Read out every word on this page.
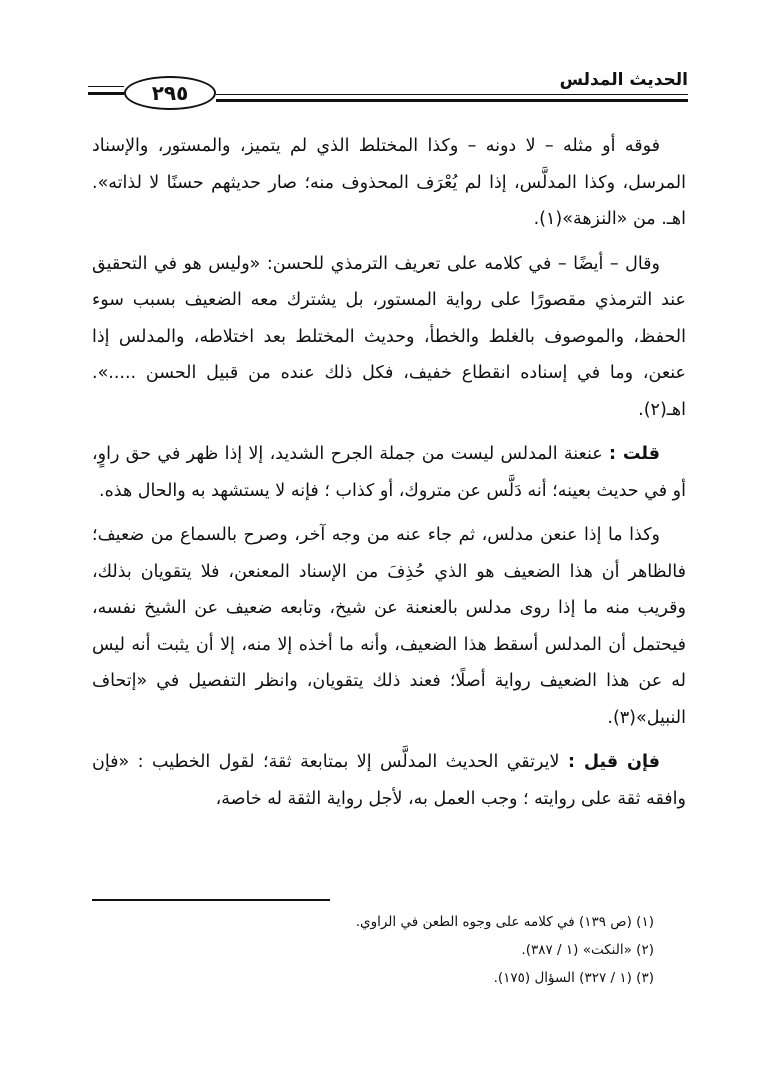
الحديث المدلس
٢٩٥

فوقه أو مثله – لا دونه – وكذا المختلط الذي لم يتميز، والمستور، والإسناد المرسل، وكذا المدلَّس، إذا لم يُعْرَف المحذوف منه؛ صار حديثهم حسنًا لا لذاته». اهـ. من «النزهة»(١).

وقال – أيضًا – في كلامه على تعريف الترمذي للحسن: «وليس هو في التحقيق عند الترمذي مقصورًا على رواية المستور، بل يشترك معه الضعيف بسبب سوء الحفظ، والموصوف بالغلط والخطأ، وحديث المختلط بعد اختلاطه، والمدلس إذا عنعن، وما في إسناده انقطاع خفيف، فكل ذلك عنده من قبيل الحسن .....». اهـ(٢).

قلت : عنعنة المدلس ليست من جملة الجرح الشديد، إلا إذا ظهر في حق راوٍ، أو في حديث بعينه؛ أنه دَلَّس عن متروك، أو كذاب ؛ فإنه لا يستشهد به والحال هذه.

وكذا ما إذا عنعن مدلس، ثم جاء عنه من وجه آخر، وصرح بالسماع من ضعيف؛ فالظاهر أن هذا الضعيف هو الذي حُذِفَ من الإسناد المعنعن، فلا يتقويان بذلك، وقريب منه ما إذا روى مدلس بالعنعنة عن شيخ، وتابعه ضعيف عن الشيخ نفسه، فيحتمل أن المدلس أسقط هذا الضعيف، وأنه ما أخذه إلا منه، إلا أن يثبت أنه ليس له عن هذا الضعيف رواية أصلًا؛ فعند ذلك يتقويان، وانظر التفصيل في «إتحاف النبيل»(٣).

فإن قيل : لايرتقي الحديث المدلَّس إلا بمتابعة ثقة؛ لقول الخطيب : «فإن وافقه ثقة على روايته ؛ وجب العمل به، لأجل رواية الثقة له خاصة،

(١) (ص ١٣٩) في كلامه على وجوه الطعن في الراوي.
(٢) «النكت» (١ / ٣٨٧).
(٣) (١ / ٣٢٧) السؤال (١٧٥).
